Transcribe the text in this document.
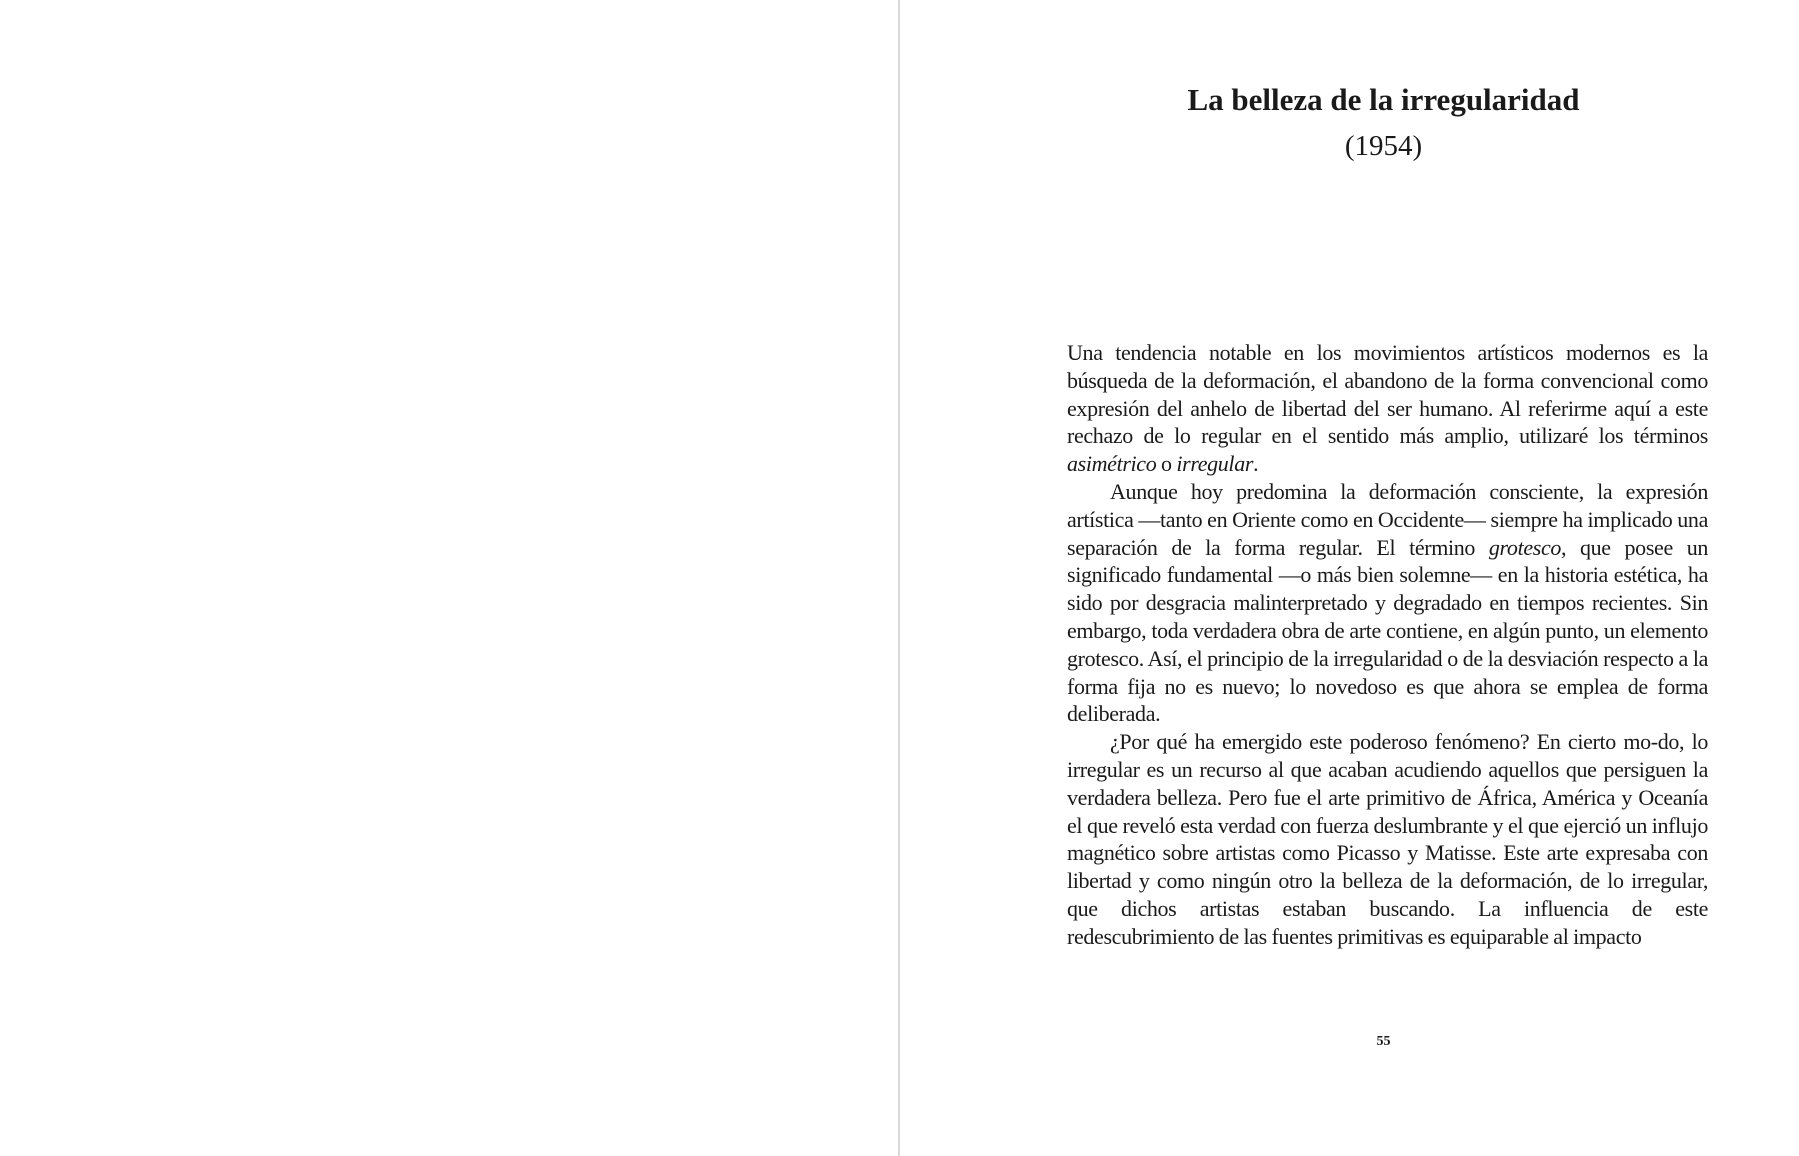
La belleza de la irregularidad
(1954)

Una tendencia notable en los movimientos artísticos modernos es la búsqueda de la deformación, el abandono de la forma convencional como expresión del anhelo de libertad del ser humano. Al referirme aquí a este rechazo de lo regular en el sentido más amplio, utilizaré los términos asimétrico o irregular.

Aunque hoy predomina la deformación consciente, la expresión artística —tanto en Oriente como en Occidente— siempre ha implicado una separación de la forma regular. El término grotesco, que posee un significado fundamental —o más bien solemne— en la historia estética, ha sido por desgracia malinterpretado y degradado en tiempos recientes. Sin embargo, toda verdadera obra de arte contiene, en algún punto, un elemento grotesco. Así, el principio de la irregularidad o de la desviación respecto a la forma fija no es nuevo; lo novedoso es que ahora se emplea de forma deliberada.

¿Por qué ha emergido este poderoso fenómeno? En cierto mo-do, lo irregular es un recurso al que acaban acudiendo aquellos que persiguen la verdadera belleza. Pero fue el arte primitivo de África, América y Oceanía el que reveló esta verdad con fuerza deslumbrante y el que ejerció un influjo magnético sobre artistas como Picasso y Matisse. Este arte expresaba con libertad y como ningún otro la belleza de la deformación, de lo irregular, que dichos artistas estaban buscando. La influencia de este redescubrimiento de las fuentes primitivas es equiparable al impacto

55
